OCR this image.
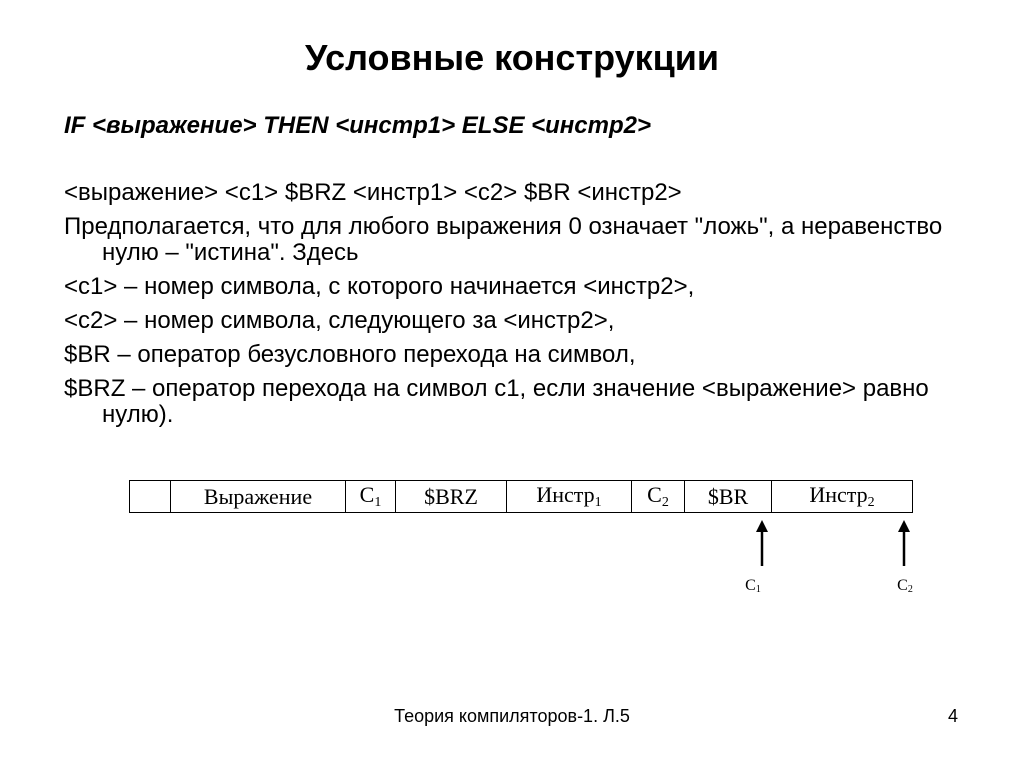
Условные конструкции
IF <выражение> THEN <инстр1> ELSE <инстр2>

<выражение> <с1> $BRZ <инстр1> <с2> $BR <инстр2>

Предполагается, что для любого выражения 0 означает "ложь", а неравенство нулю – "истина". Здесь

<с1> – номер символа, с которого начинается <инстр2>,

<с2> – номер символа, следующего за <инстр2>,

$BR – оператор безусловного перехода на символ,

$BRZ – оператор перехода на символ с1, если значение <выражение> равно нулю).

	Выражение	$C_1$	$BRZ	Инстр$_1$	$C_2$	$BR	Инстр$_2$
$C_1$	$C_2$
Теория компиляторов-1. Л.5	4
